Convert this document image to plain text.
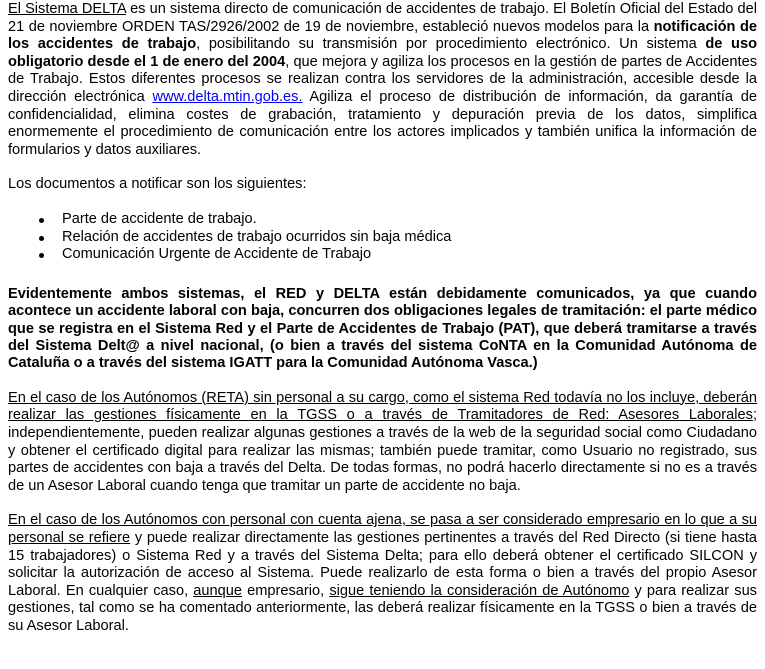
El Sistema DELTA es un sistema directo de comunicación de accidentes de trabajo. El Boletín Oficial del Estado del 21 de noviembre ORDEN TAS/2926/2002 de 19 de noviembre, estableció nuevos modelos para la notificación de los accidentes de trabajo, posibilitando su transmisión por procedimiento electrónico. Un sistema de uso obligatorio desde el 1 de enero del 2004, que mejora y agiliza los procesos en la gestión de partes de Accidentes de Trabajo. Estos diferentes procesos se realizan contra los servidores de la administración, accesible desde la dirección electrónica www.delta.mtin.gob.es. Agiliza el proceso de distribución de información, da garantía de confidencialidad, elimina costes de grabación, tratamiento y depuración previa de los datos, simplifica enormemente el procedimiento de comunicación entre los actores implicados y también unifica la información de formularios y datos auxiliares.

Los documentos a notificar son los siguientes:

Parte de accidente de trabajo.
Relación de accidentes de trabajo ocurridos sin baja médica
Comunicación Urgente de Accidente de Trabajo

Evidentemente ambos sistemas, el RED y DELTA están debidamente comunicados, ya que cuando acontece un accidente laboral con baja, concurren dos obligaciones legales de tramitación: el parte médico que se registra en el Sistema Red y el Parte de Accidentes de Trabajo (PAT), que deberá tramitarse a través del Sistema Delt@ a nivel nacional, (o bien a través del sistema CoNTA en la Comunidad Autónoma de Cataluña o a través del sistema IGATT para la Comunidad Autónoma Vasca.)

En el caso de los Autónomos (RETA) sin personal a su cargo, como el sistema Red todavía no los incluye, deberán realizar las gestiones físicamente en la TGSS o a través de Tramitadores de Red: Asesores Laborales; independientemente, pueden realizar algunas gestiones a través de la web de la seguridad social como Ciudadano y obtener el certificado digital para realizar las mismas; también puede tramitar, como Usuario no registrado, sus partes de accidentes con baja a través del Delta. De todas formas, no podrá hacerlo directamente si no es a través de un Asesor Laboral cuando tenga que tramitar un parte de accidente no baja.

En el caso de los Autónomos con personal con cuenta ajena, se pasa a ser considerado empresario en lo que a su personal se refiere y puede realizar directamente las gestiones pertinentes a través del Red Directo (si tiene hasta 15 trabajadores) o Sistema Red y a través del Sistema Delta; para ello deberá obtener el certificado SILCON y solicitar la autorización de acceso al Sistema. Puede realizarlo de esta forma o bien a través del propio Asesor Laboral. En cualquier caso, aunque empresario, sigue teniendo la consideración de Autónomo y para realizar sus gestiones, tal como se ha comentado anteriormente, las deberá realizar físicamente en la TGSS o bien a través de su Asesor Laboral.
